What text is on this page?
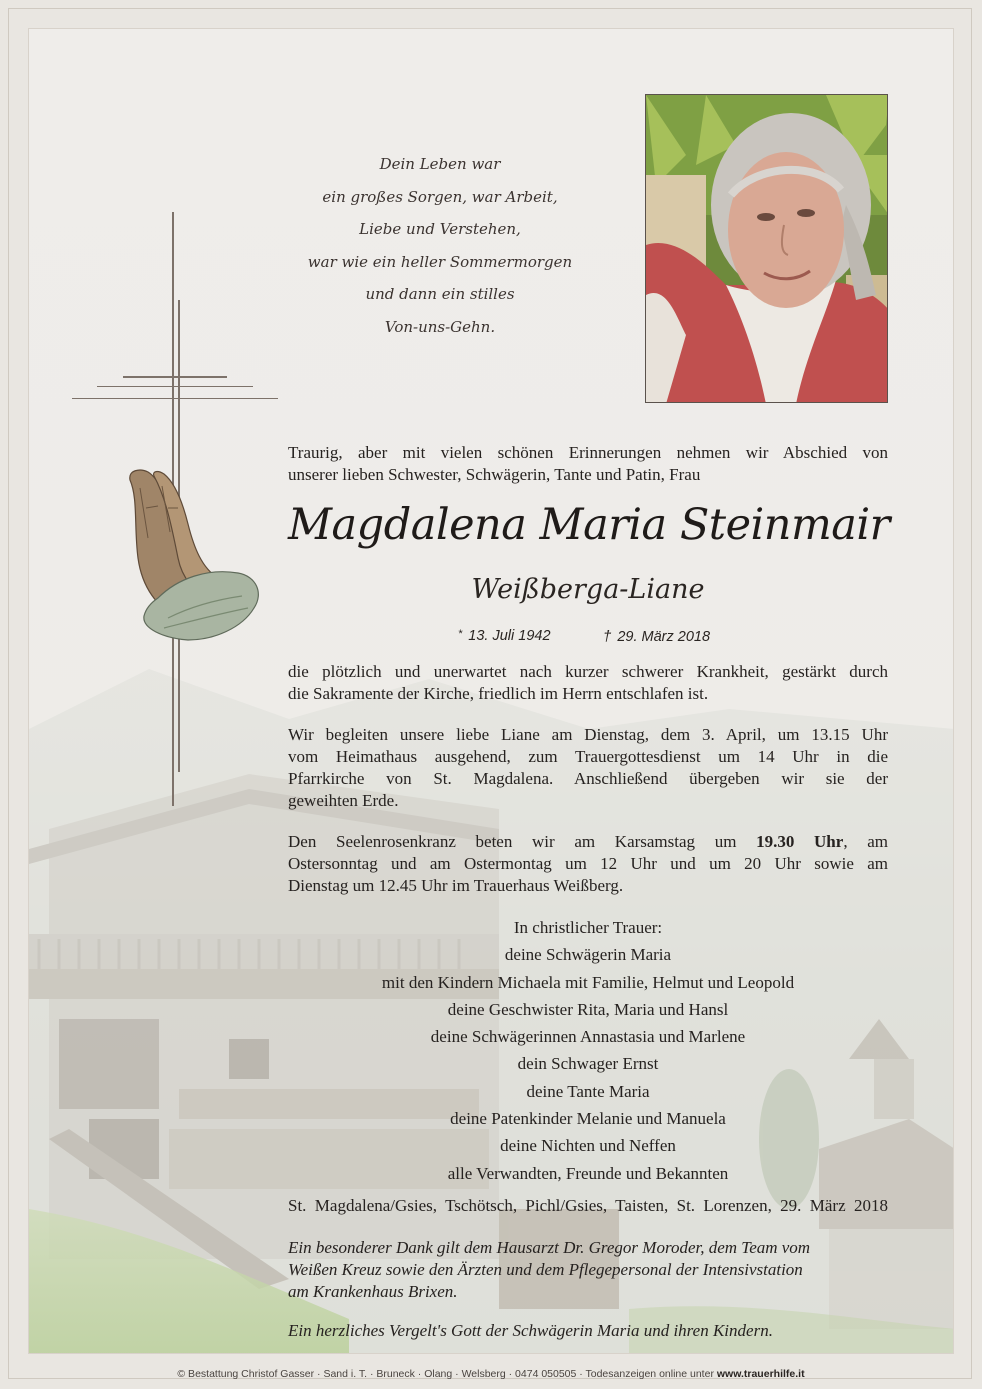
Dein Leben war
ein großes Sorgen, war Arbeit,
Liebe und Verstehen,
war wie ein heller Sommermorgen
und dann ein stilles
Von-uns-Gehn.
Traurig, aber mit vielen schönen Erinnerungen nehmen wir Abschied von
unserer lieben Schwester, Schwägerin, Tante und Patin, Frau
Magdalena Maria Steinmair
Weißberga-Liane
* 13. Juli 1942	† 29. März 2018
die plötzlich und unerwartet nach kurzer schwerer Krankheit, gestärkt durch
die Sakramente der Kirche, friedlich im Herrn entschlafen ist.
Wir begleiten unsere liebe Liane am Dienstag, dem 3. April, um 13.15 Uhr
vom Heimathaus ausgehend, zum Trauergottesdienst um 14 Uhr in die
Pfarrkirche von St. Magdalena. Anschließend übergeben wir sie der
geweihten Erde.
Den Seelenrosenkranz beten wir am Karsamstag um 19.30 Uhr, am
Ostersonntag und am Ostermontag um 12 Uhr und um 20 Uhr sowie am
Dienstag um 12.45 Uhr im Trauerhaus Weißberg.
In christlicher Trauer:
deine Schwägerin Maria
mit den Kindern Michaela mit Familie, Helmut und Leopold
deine Geschwister Rita, Maria und Hansl
deine Schwägerinnen Annastasia und Marlene
dein Schwager Ernst
deine Tante Maria
deine Patenkinder Melanie und Manuela
deine Nichten und Neffen
alle Verwandten, Freunde und Bekannten
St. Magdalena/Gsies, Tschötsch, Pichl/Gsies, Taisten, St. Lorenzen, 29. März 2018
Ein besonderer Dank gilt dem Hausarzt Dr. Gregor Moroder, dem Team vom
Weißen Kreuz sowie den Ärzten und dem Pflegepersonal der Intensivstation
am Krankenhaus Brixen.
Ein herzliches Vergelt's Gott der Schwägerin Maria und ihren Kindern.
© Bestattung Christof Gasser · Sand i. T. · Bruneck · Olang · Welsberg · 0474 050505 · Todesanzeigen online unter www.trauerhilfe.it
